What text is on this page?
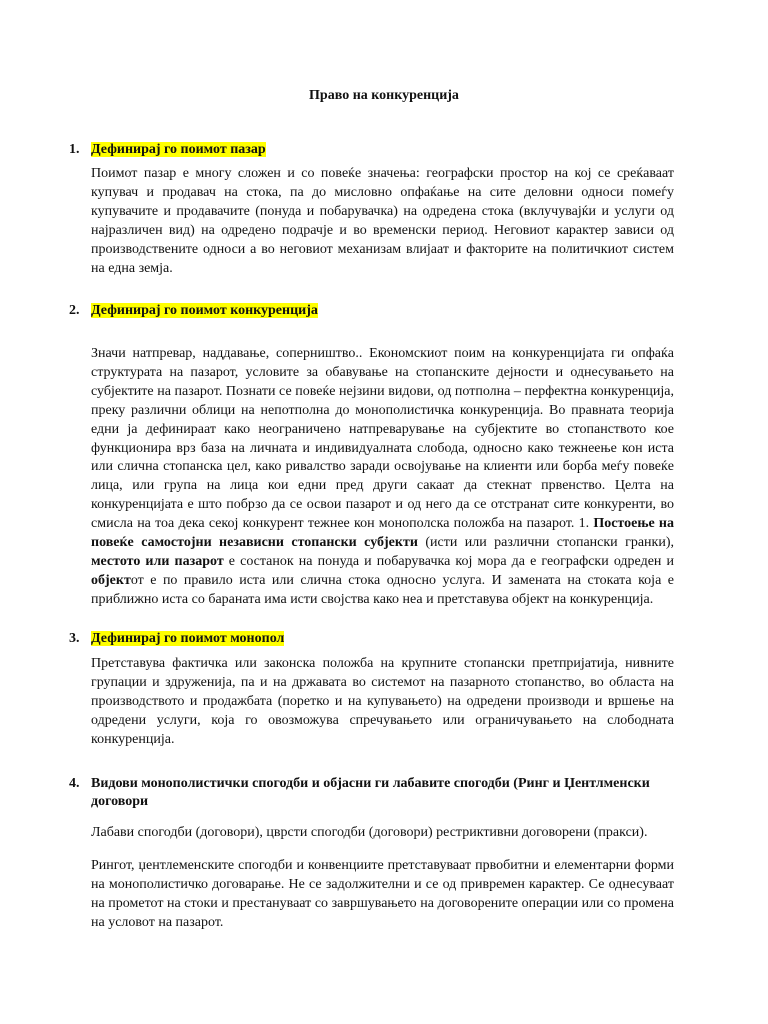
Право на конкуренција
1. Дефинирај го поимот пазар
Поимот пазар е многу сложен и со повеќе значења: географски простор на кој се среќаваат купувач и продавач на стока, па до мисловно опфаќање на сите деловни односи помеѓу купувачите и продавачите (понуда и побарувачка) на одредена стока (вклучувајќи и услуги од најразличен вид) на одредено подрачје и во временски период. Неговиот карактер зависи од производствените односи а во неговиот механизам влијаат и факторите на политичкиот систем на една земја.
2. Дефинирај го поимот конкуренција
Значи натпревар, наддавање, соперништво.. Економскиот поим на конкуренцијата ги опфаќа структурата на пазарот, условите за обавување на стопанските дејности и однесувањето на субјектите на пазарот. Познати се повеќе нејзини видови, од потполна – перфектна конкуренција, преку различни облици на непотполна до монополистичка конкуренција. Во правната теорија едни ја дефинираат како неограничено натпреварување на субјектите во стопанството кое функционира врз база на личната и индивидуалната слобода, односно како тежнеење кон иста или слична стопанска цел, како ривалство заради освојување на клиенти или борба меѓу повеќе лица, или група на лица кои едни пред други сакаат да стекнат првенство. Целта на конкуренцијата е што побрзо да се освои пазарот и од него да се отстранат сите конкуренти, во смисла на тоа дека секој конкурент тежнее кон монополска положба на пазарот. 1. Постоење на повеќе самостојни независни стопански субјекти (исти или различни стопански гранки), местото или пазарот е состанок на понуда и побарувачка кој мора да е географски одреден и објектот е по правило иста или слична стока односно услуга. И замената на стоката која е приближно иста со бараната има исти својства како неа и претставува објект на конкуренција.
3. Дефинирај го поимот монопол
Претставува фактичка или законска положба на крупните стопански претпријатија, нивните групации и здруженија, па и на државата во системот на пазарното стопанство, во областа на производството и продажбата (поретко и на купувањето) на одредени производи и вршење на одредени услуги, која го овозможува спречувањето или ограничувањето на слободната конкуренција.
4. Видови монополистички спогодби и објасни ги лабавите спогодби (Ринг и Џентлменски
договори
Лабави спогодби (договори), цврсти спогодби (договори) рестриктивни договорени (пракси).
Рингот, џентлеменските спогодби и конвенциите претставуваат првобитни и елементарни форми на монополистичко договарање. Не се задолжителни и се од привремен карактер. Се однесуваат на прометот на стоки и престануваат со завршувањето на договорените операции или со промена на условот на пазарот.
